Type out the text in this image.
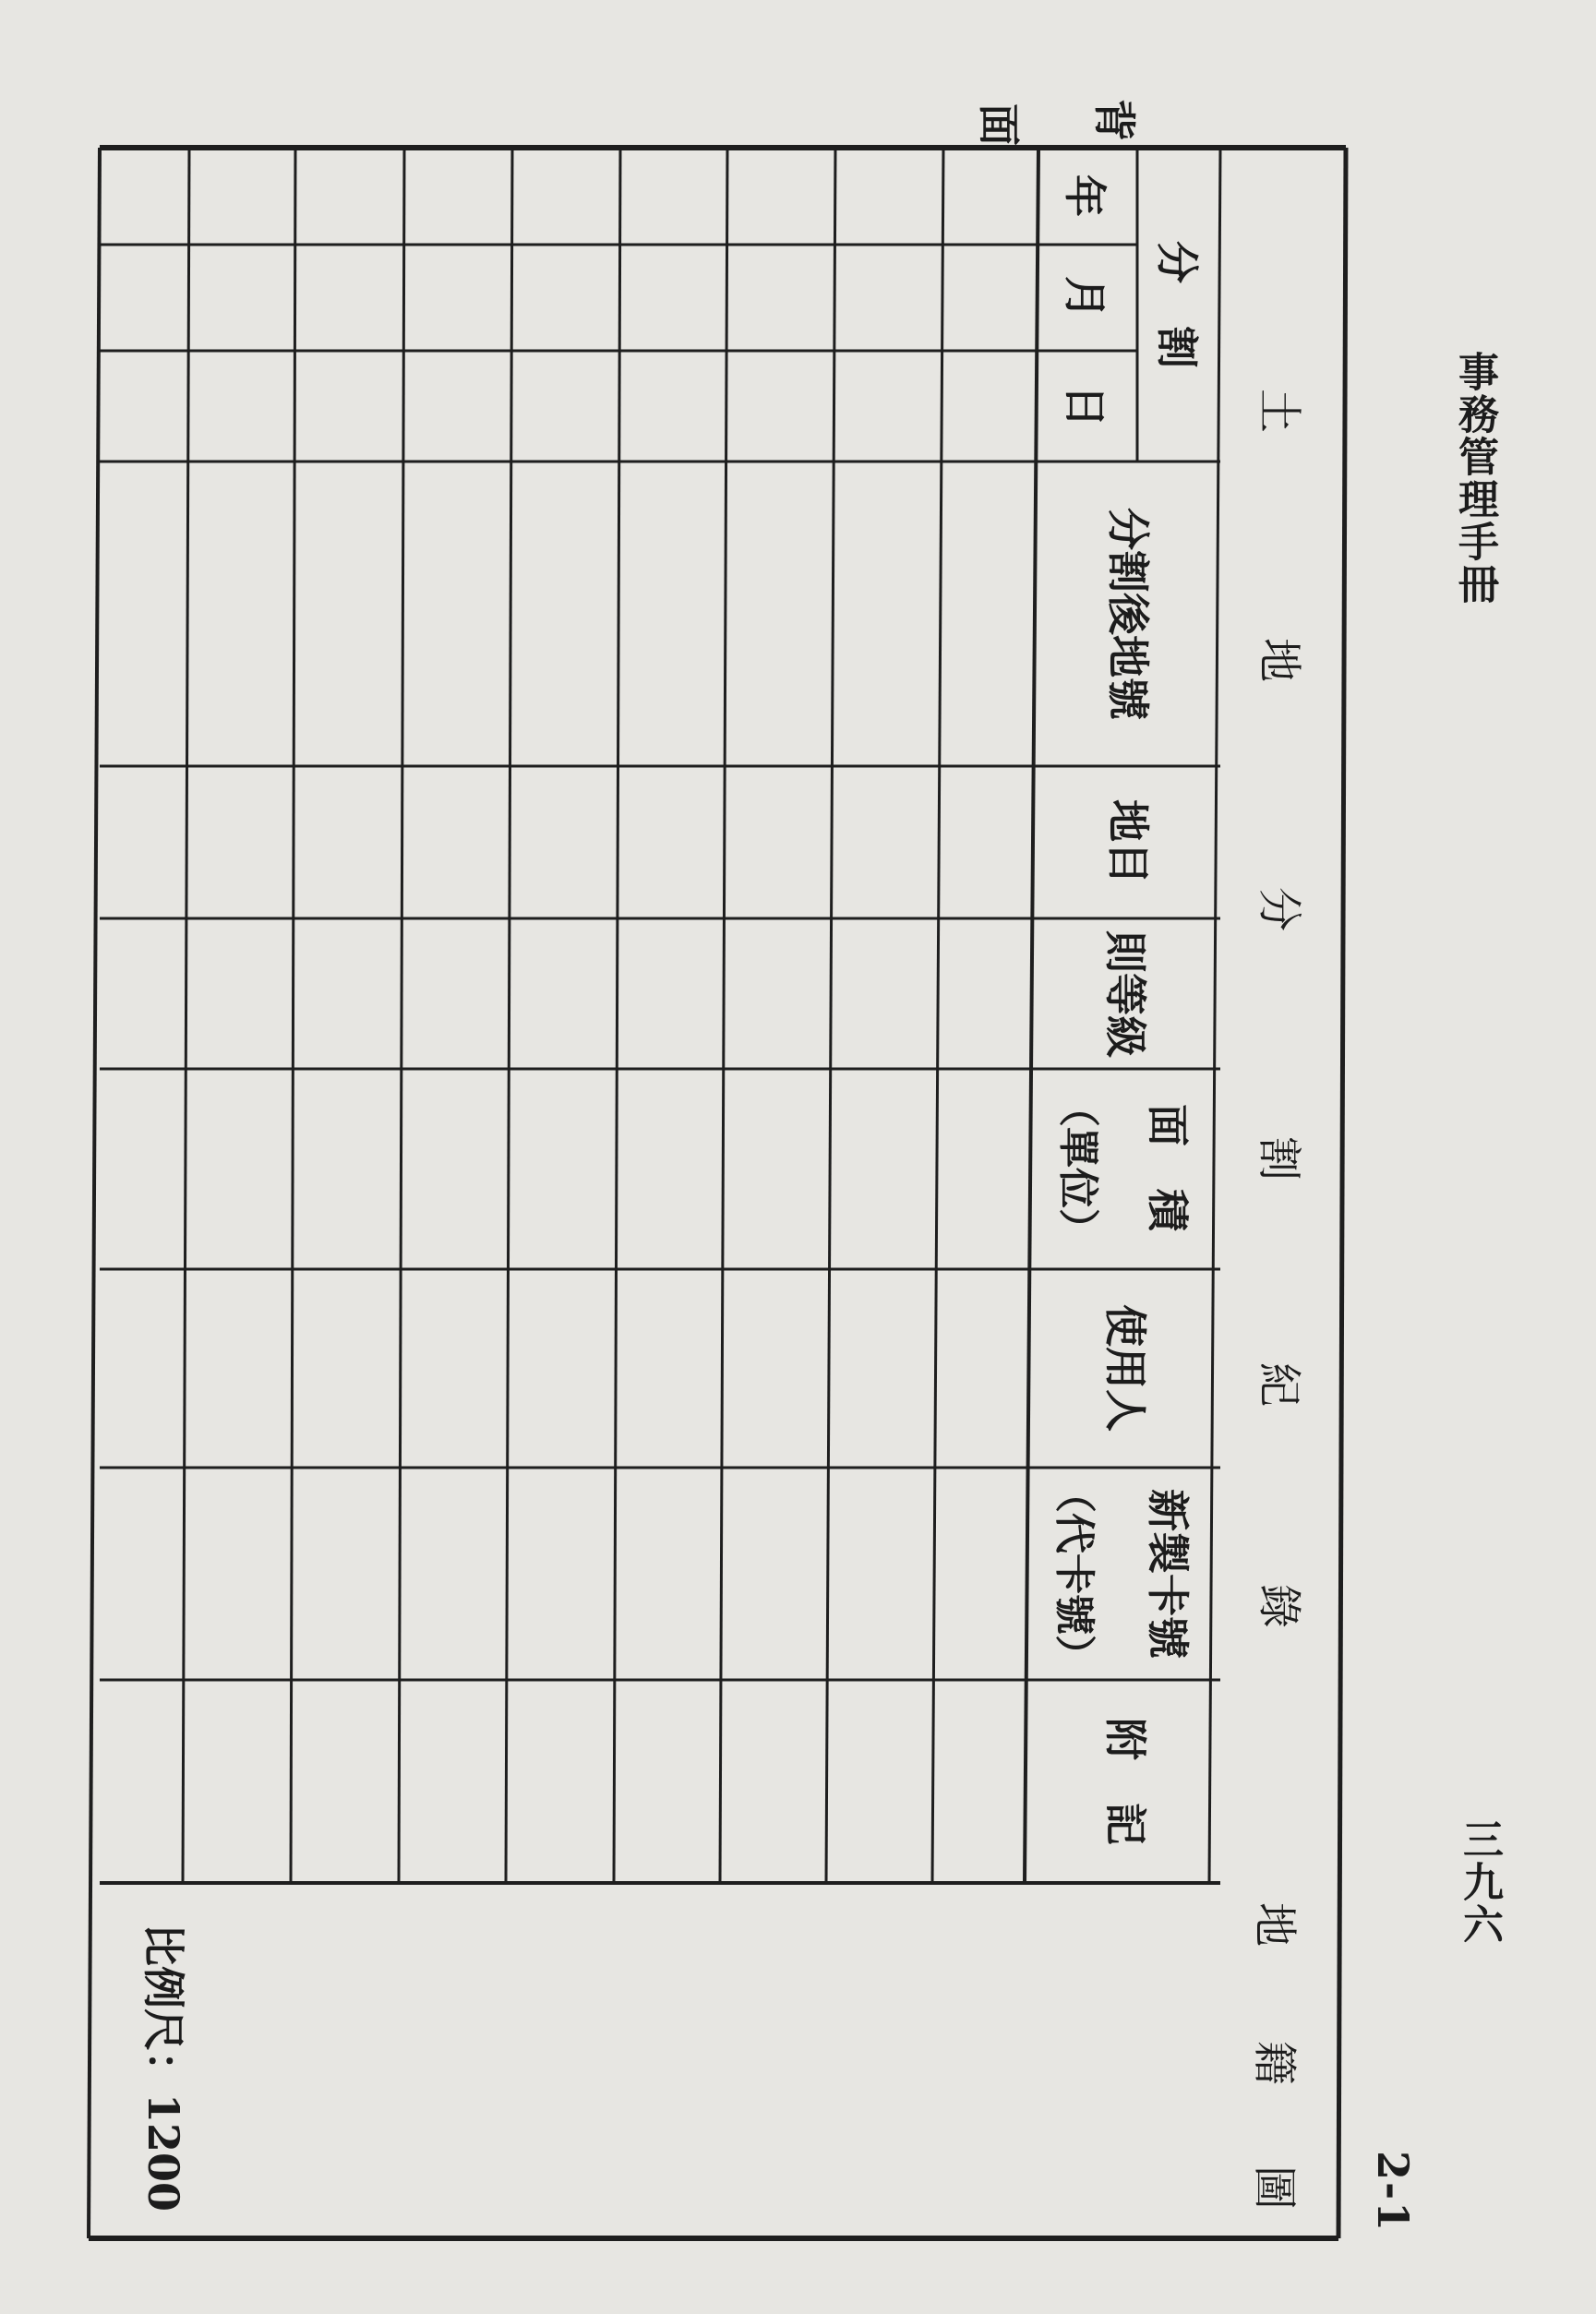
事務管理手冊
三九六
2-1
土
地
分
割
紀
錄
地
籍
圖
背
面
分　割
年
月
日
分割後地號
地目
則等級
面　積
（單位）
使用人
新製卡號
（代卡號）
附　記
比例尺：1200
